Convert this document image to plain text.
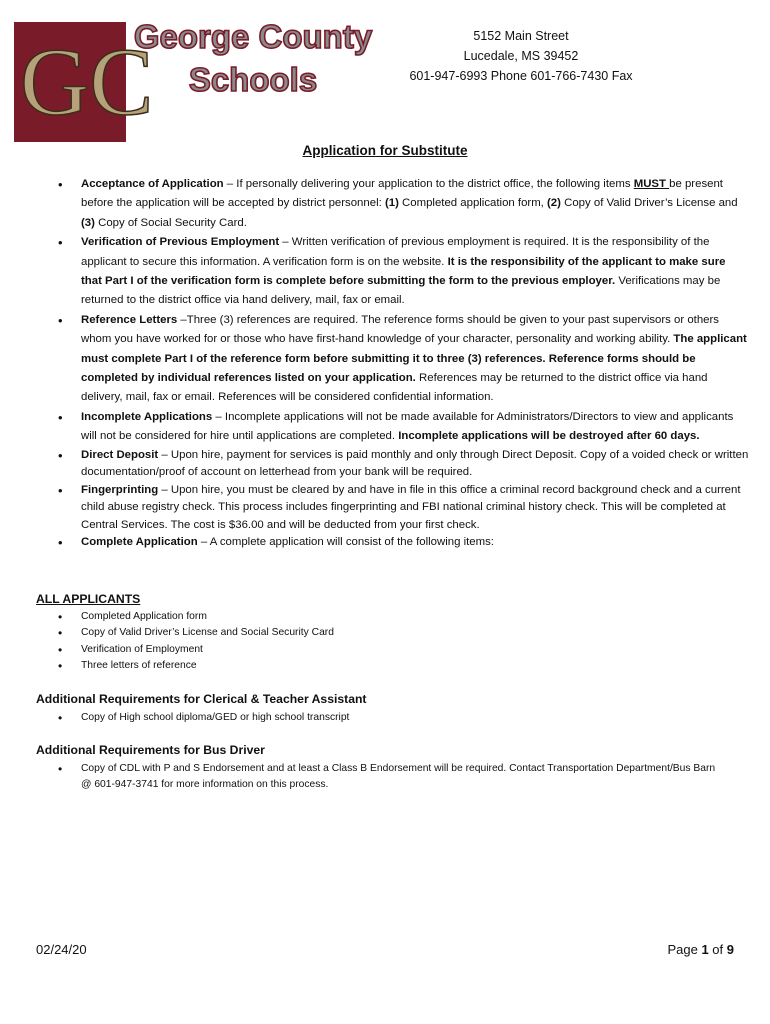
GC
George County
Schools
5152 Main Street
Lucedale, MS 39452
601-947-6993 Phone 601-766-7430 Fax
Application for Substitute
• Acceptance of Application – If personally delivering your application to the district office, the following items MUST be present before the application will be accepted by district personnel: (1) Completed application form, (2) Copy of Valid Driver’s License and (3) Copy of Social Security Card.
• Verification of Previous Employment – Written verification of previous employment is required. It is the responsibility of the applicant to secure this information. A verification form is on the website. It is the responsibility of the applicant to make sure that Part I of the verification form is complete before submitting the form to the previous employer. Verifications may be returned to the district office via hand delivery, mail, fax or email.
• Reference Letters –Three (3) references are required. The reference forms should be given to your past supervisors or others whom you have worked for or those who have first-hand knowledge of your character, personality and working ability. The applicant must complete Part I of the reference form before submitting it to three (3) references. Reference forms should be completed by individual references listed on your application. References may be returned to the district office via hand delivery, mail, fax or email. References will be considered confidential information.
• Incomplete Applications – Incomplete applications will not be made available for Administrators/Directors to view and applicants will not be considered for hire until applications are completed. Incomplete applications will be destroyed after 60 days.
• Direct Deposit – Upon hire, payment for services is paid monthly and only through Direct Deposit. Copy of a voided check or written documentation/proof of account on letterhead from your bank will be required.
• Fingerprinting – Upon hire, you must be cleared by and have in file in this office a criminal record background check and a current child abuse registry check. This process includes fingerprinting and FBI national criminal history check. This will be completed at Central Services. The cost is $36.00 and will be deducted from your first check.
• Complete Application – A complete application will consist of the following items:
ALL APPLICANTS
• Completed Application form
• Copy of Valid Driver’s License and Social Security Card
• Verification of Employment
• Three letters of reference
Additional Requirements for Clerical & Teacher Assistant
• Copy of High school diploma/GED or high school transcript
Additional Requirements for Bus Driver
• Copy of CDL with P and S Endorsement and at least a Class B Endorsement will be required. Contact Transportation Department/Bus Barn @ 601-947-3741 for more information on this process.
02/24/20	Page 1 of 9
